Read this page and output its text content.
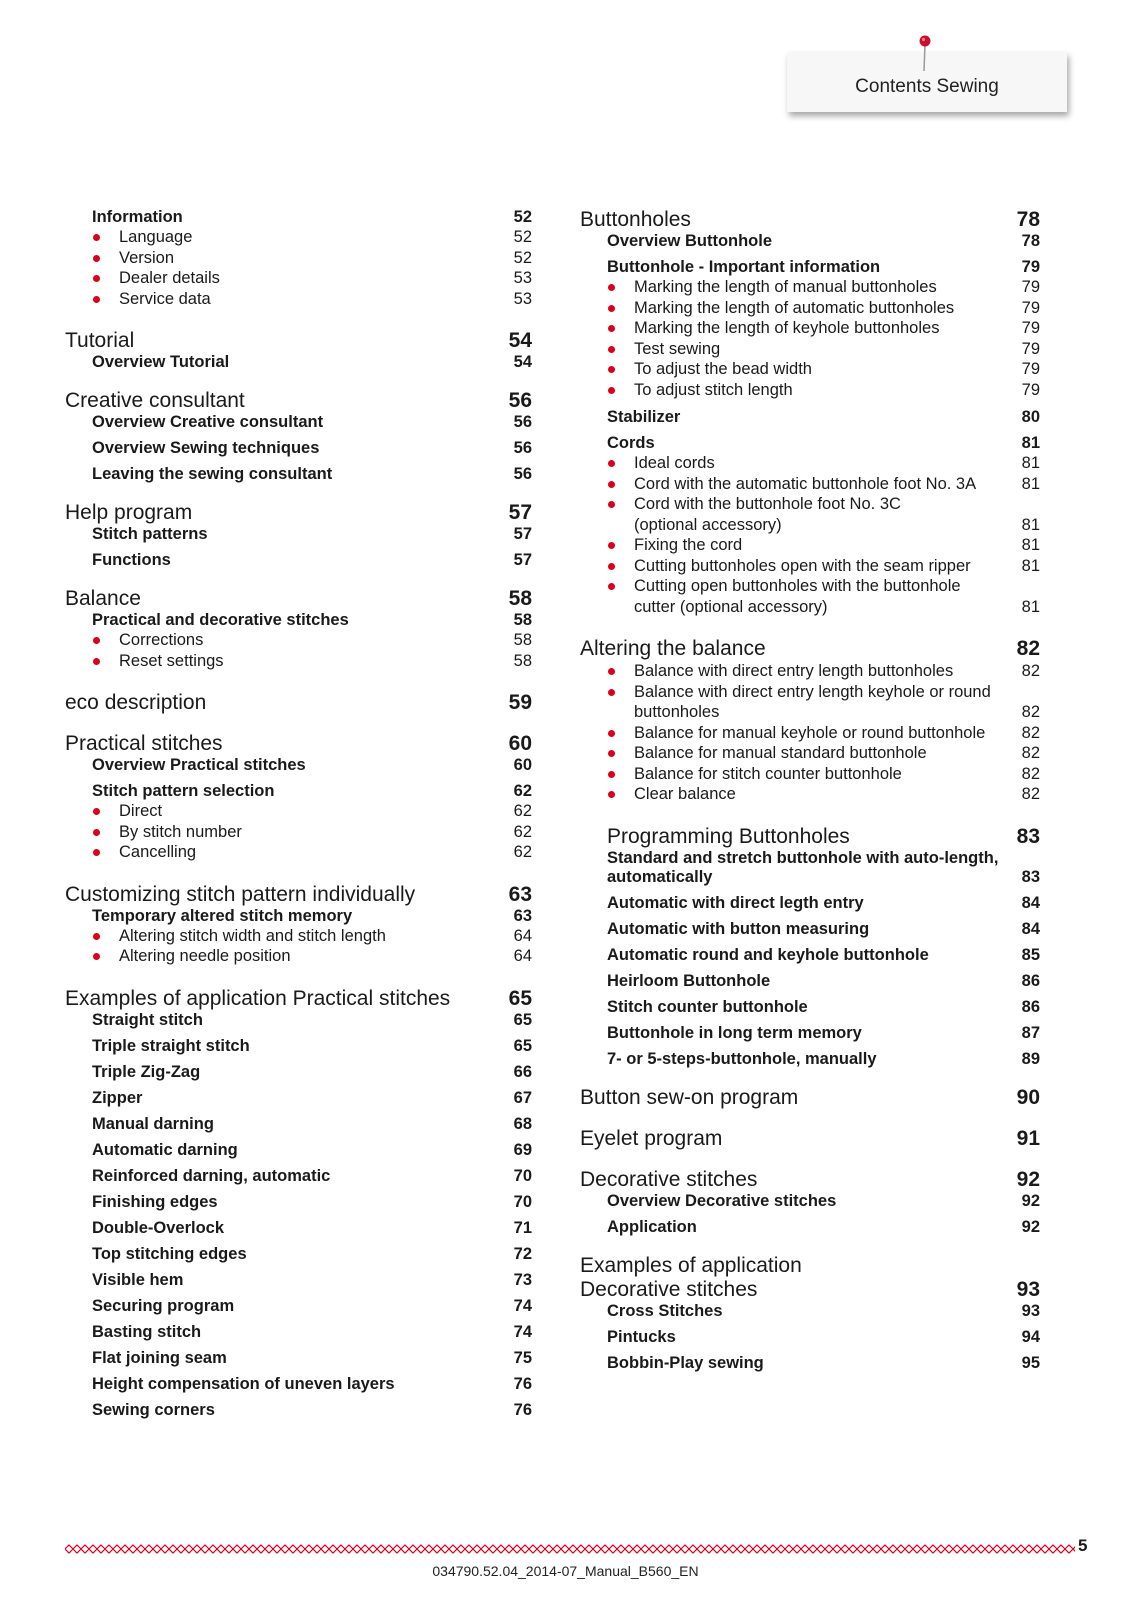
Contents Sewing
Information	52
Language	52
Version	52
Dealer details	53
Service data	53
Tutorial	54
Overview Tutorial	54
Creative consultant	56
Overview Creative consultant	56
Overview Sewing techniques	56
Leaving the sewing consultant	56
Help program	57
Stitch patterns	57
Functions	57
Balance	58
Practical and decorative stitches	58
Corrections	58
Reset settings	58
eco description	59
Practical stitches	60
Overview Practical stitches	60
Stitch pattern selection	62
Direct	62
By stitch number	62
Cancelling	62
Customizing stitch pattern individually	63
Temporary altered stitch memory	63
Altering stitch width and stitch length	64
Altering needle position	64
Examples of application Practical stitches	65
Straight stitch	65
Triple straight stitch	65
Triple Zig-Zag	66
Zipper	67
Manual darning	68
Automatic darning	69
Reinforced darning, automatic	70
Finishing edges	70
Double-Overlock	71
Top stitching edges	72
Visible hem	73
Securing program	74
Basting stitch	74
Flat joining seam	75
Height compensation of uneven layers	76
Sewing corners	76
Buttonholes	78
Overview Buttonhole	78
Buttonhole - Important information	79
Marking the length of manual buttonholes	79
Marking the length of automatic buttonholes	79
Marking the length of keyhole buttonholes	79
Test sewing	79
To adjust the bead width	79
To adjust stitch length	79
Stabilizer	80
Cords	81
Ideal cords	81
Cord with the automatic buttonhole foot No. 3A	81
Cord with the buttonhole foot No. 3C
(optional accessory)	81
Fixing the cord	81
Cutting buttonholes open with the seam ripper	81
Cutting open buttonholes with the buttonhole
cutter (optional accessory)	81
Altering the balance	82
Balance with direct entry length buttonholes	82
Balance with direct entry length keyhole or round
buttonholes	82
Balance for manual keyhole or round buttonhole	82
Balance for manual standard buttonhole	82
Balance for stitch counter buttonhole	82
Clear balance	82
Programming Buttonholes	83
Standard and stretch buttonhole with auto-length,
automatically	83
Automatic with direct legth entry	84
Automatic with button measuring	84
Automatic round and keyhole buttonhole	85
Heirloom Buttonhole	86
Stitch counter buttonhole	86
Buttonhole in long term memory	87
7- or 5-steps-buttonhole, manually	89
Button sew-on program	90
Eyelet program	91
Decorative stitches	92
Overview Decorative stitches	92
Application	92
Examples of application
Decorative stitches	93
Cross Stitches	93
Pintucks	94
Bobbin-Play sewing	95
5
034790.52.04_2014-07_Manual_B560_EN
